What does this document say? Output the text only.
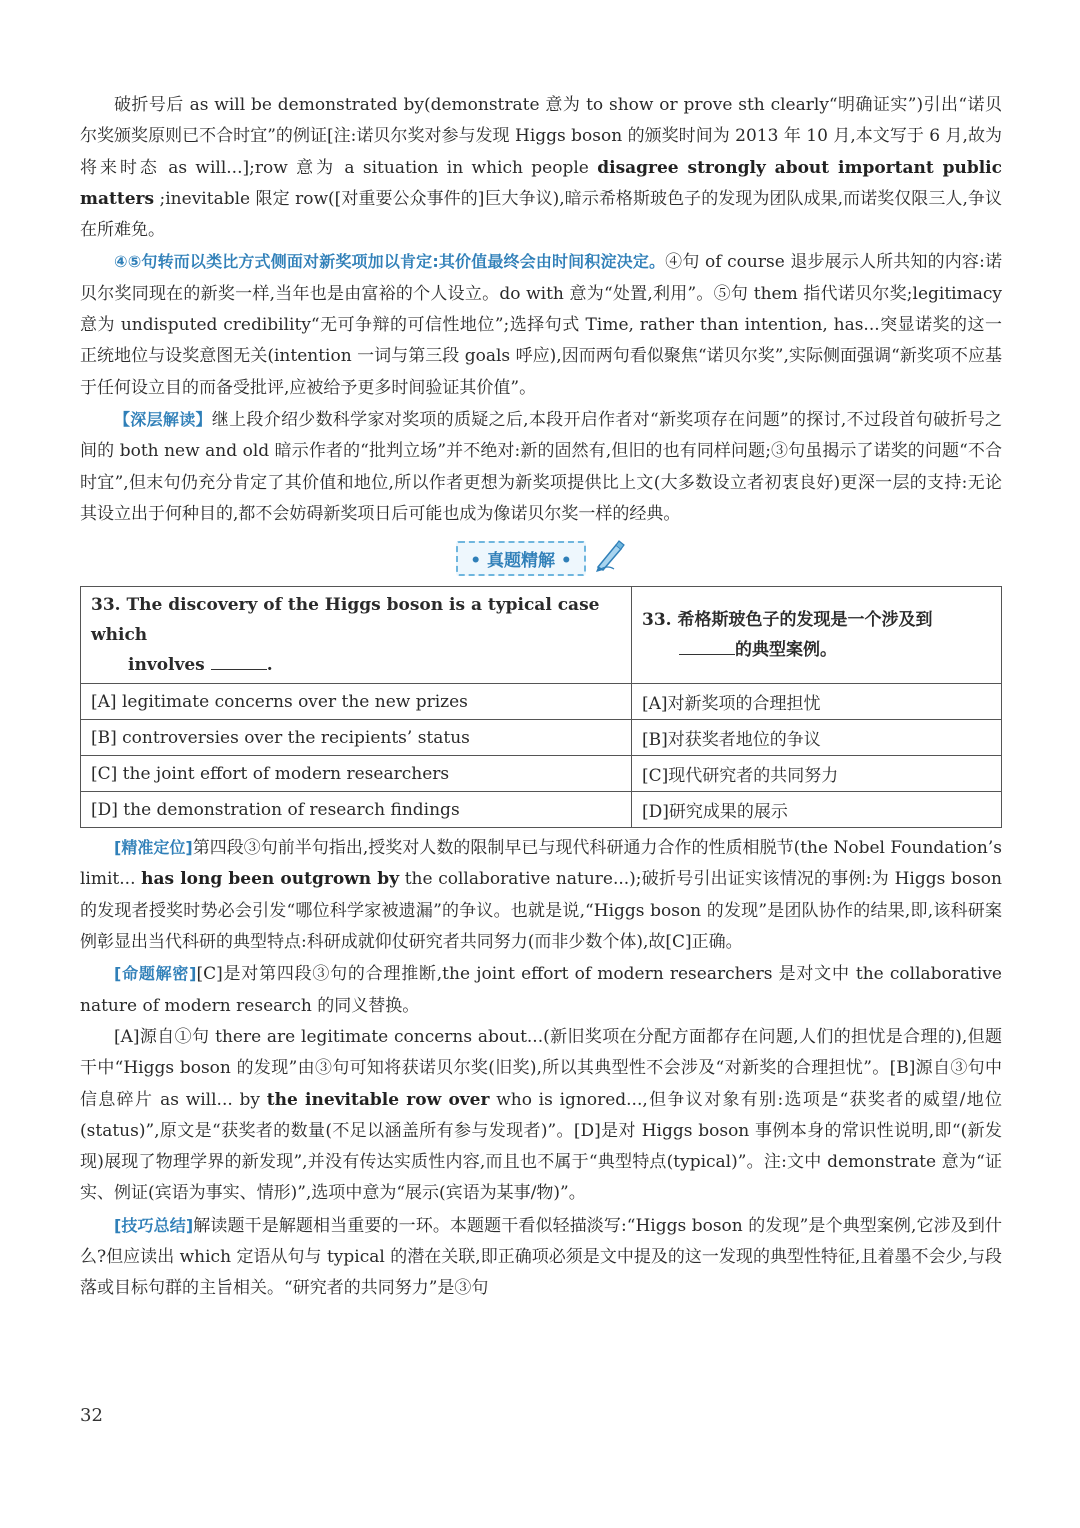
破折号后 as will be demonstrated by(demonstrate 意为 to show or prove sth clearly“明确证实”)引出“诺贝尔奖颁奖原则已不合时宜”的例证[注:诺贝尔奖对参与发现 Higgs boson 的颁奖时间为 2013 年 10 月,本文写于 6 月,故为将来时态 as will...];row 意为 a situation in which people disagree strongly about important public matters ;inevitable 限定 row([对重要公众事件的]巨大争议),暗示希格斯玻色子的发现为团队成果,而诺奖仅限三人,争议在所难免。

④⑤句转而以类比方式侧面对新奖项加以肯定:其价值最终会由时间积淀决定。④句 of course 退步展示人所共知的内容:诺贝尔奖同现在的新奖一样,当年也是由富裕的个人设立。do with 意为“处置,利用”。⑤句 them 指代诺贝尔奖;legitimacy 意为 undisputed credibility“无可争辩的可信性地位”;选择句式 Time, rather than intention, has...突显诺奖的这一正统地位与设奖意图无关(intention 一词与第三段 goals 呼应),因而两句看似聚焦“诺贝尔奖”,实际侧面强调“新奖项不应基于任何设立目的而备受批评,应被给予更多时间验证其价值”。

【深层解读】继上段介绍少数科学家对奖项的质疑之后,本段开启作者对“新奖项存在问题”的探讨,不过段首句破折号之间的 both new and old 暗示作者的“批判立场”并不绝对:新的固然有,但旧的也有同样问题;③句虽揭示了诺奖的问题“不合时宜”,但末句仍充分肯定了其价值和地位,所以作者更想为新奖项提供比上文(大多数设立者初衷良好)更深一层的支持:无论其设立出于何种目的,都不会妨碍新奖项日后可能也成为像诺贝尔奖一样的经典。

• 真题精解 •
33. The discovery of the Higgs boson is a typical case which
involves .	33. 希格斯玻色子的发现是一个涉及到
的典型案例。

[A] legitimate concerns over the new prizes	[A]对新奖项的合理担忧
[B] controversies over the recipients’ status	[B]对获奖者地位的争议
[C] the joint effort of modern researchers	[C]现代研究者的共同努力
[D] the demonstration of research findings	[D]研究成果的展示

[精准定位]第四段③句前半句指出,授奖对人数的限制早已与现代科研通力合作的性质相脱节(the Nobel Foundation’s limit... has long been outgrown by the collaborative nature...);破折号引出证实该情况的事例:为 Higgs boson 的发现者授奖时势必会引发“哪位科学家被遗漏”的争议。也就是说,“Higgs boson 的发现”是团队协作的结果,即,该科研案例彰显出当代科研的典型特点:科研成就仰仗研究者共同努力(而非少数个体),故[C]正确。

[命题解密][C]是对第四段③句的合理推断,the joint effort of modern researchers 是对文中 the collaborative nature of modern research 的同义替换。

[A]源自①句 there are legitimate concerns about...(新旧奖项在分配方面都存在问题,人们的担忧是合理的),但题干中“Higgs boson 的发现”由③句可知将获诺贝尔奖(旧奖),所以其典型性不会涉及“对新奖的合理担忧”。[B]源自③句中信息碎片 as will... by the inevitable row over who is ignored...,但争议对象有别:选项是“获奖者的威望/地位(status)”,原文是“获奖者的数量(不足以涵盖所有参与发现者)”。[D]是对 Higgs boson 事例本身的常识性说明,即“(新发现)展现了物理学界的新发现”,并没有传达实质性内容,而且也不属于“典型特点(typical)”。注:文中 demonstrate 意为“证实、例证(宾语为事实、情形)”,选项中意为“展示(宾语为某事/物)”。

[技巧总结]解读题干是解题相当重要的一环。本题题干看似轻描淡写:“Higgs boson 的发现”是个典型案例,它涉及到什么?但应读出 which 定语从句与 typical 的潜在关联,即正确项必须是文中提及的这一发现的典型性特征,且着墨不会少,与段落或目标句群的主旨相关。“研究者的共同努力”是③句

32
